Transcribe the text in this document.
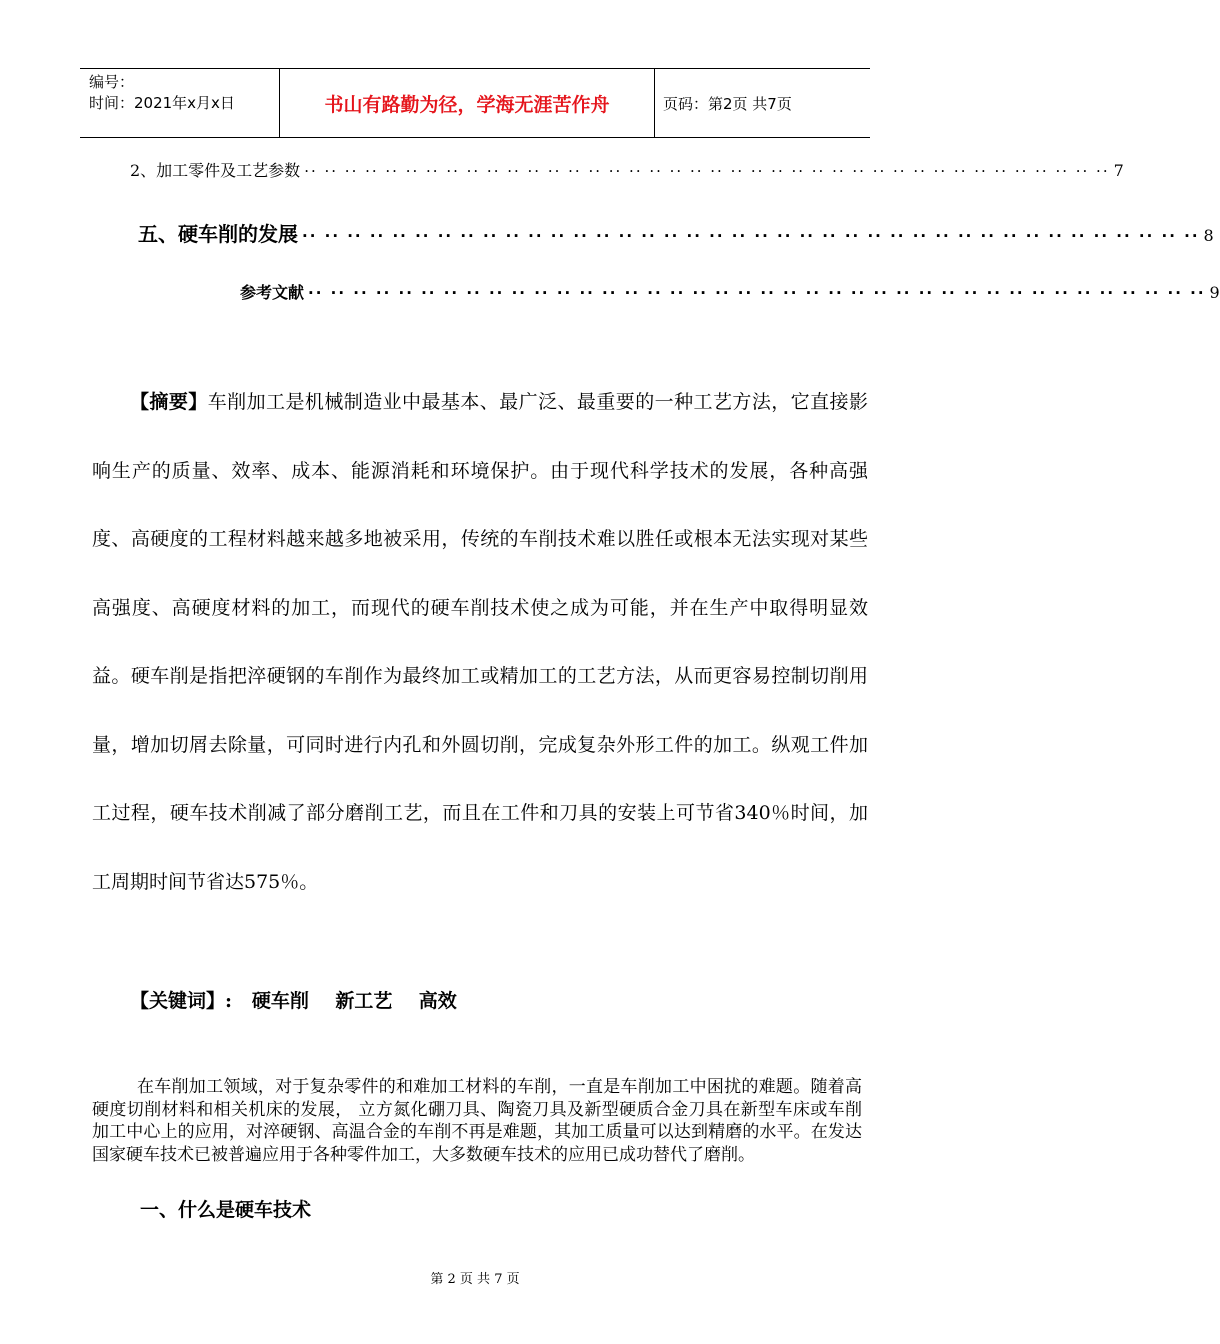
编号：
时间：2021年x月x日	书山有路勤为径，学海无涯苦作舟	页码：第2页 共7页
2、加工零件及工艺参数 ·· ·· ·· ·· ·· ·· ·· ·· ·· ·· ·· ·· ·· ·· ·· ·· ·· ·· ·· ·· ·· ·· ·· ·· ·· ·· ·· ·· ·· ·· ·· ·· ·· ·· ·· ·· ·· ·· ·· ·· 7
五、硬车削的发展 ·· ·· ·· ·· ·· ·· ·· ·· ·· ·· ·· ·· ·· ·· ·· ·· ·· ·· ·· ·· ·· ·· ·· ·· ·· ·· ·· ·· ·· ·· ·· ·· ·· ·· ·· ·· ·· ·· ·· ·· 8
参考文献 ·· ·· ·· ·· ·· ·· ·· ·· ·· ·· ·· ·· ·· ·· ·· ·· ·· ·· ·· ·· ·· ·· ·· ·· ·· ·· ·· ·· ·· ·· ·· ·· ·· ·· ·· ·· ·· ·· ·· ·· 9

【摘要】车削加工是机械制造业中最基本、最广泛、最重要的一种工艺方法，它直接影响生产的质量、效率、成本、能源消耗和环境保护。由于现代科学技术的发展，各种高强度、高硬度的工程材料越来越多地被采用，传统的车削技术难以胜任或根本无法实现对某些高强度、高硬度材料的加工，而现代的硬车削技术使之成为可能，并在生产中取得明显效益。硬车削是指把淬硬钢的车削作为最终加工或精加工的工艺方法，从而更容易控制切削用量，增加切屑去除量，可同时进行内孔和外圆切削，完成复杂外形工件的加工。纵观工件加工过程，硬车技术削减了部分磨削工艺，而且在工件和刀具的安装上可节省340％时间，加工周期时间节省达575％。

【关键词】:   硬车削    新工艺    高效

在车削加工领域，对于复杂零件的和难加工材料的车削，一直是车削加工中困扰的难题。随着高硬度切削材料和相关机床的发展， 立方氮化硼刀具、陶瓷刀具及新型硬质合金刀具在新型车床或车削加工中心上的应用，对淬硬钢、高温合金的车削不再是难题，其加工质量可以达到精磨的水平。在发达国家硬车技术已被普遍应用于各种零件加工，大多数硬车技术的应用已成功替代了磨削。

一、什么是硬车技术

第 2 页 共 7 页
